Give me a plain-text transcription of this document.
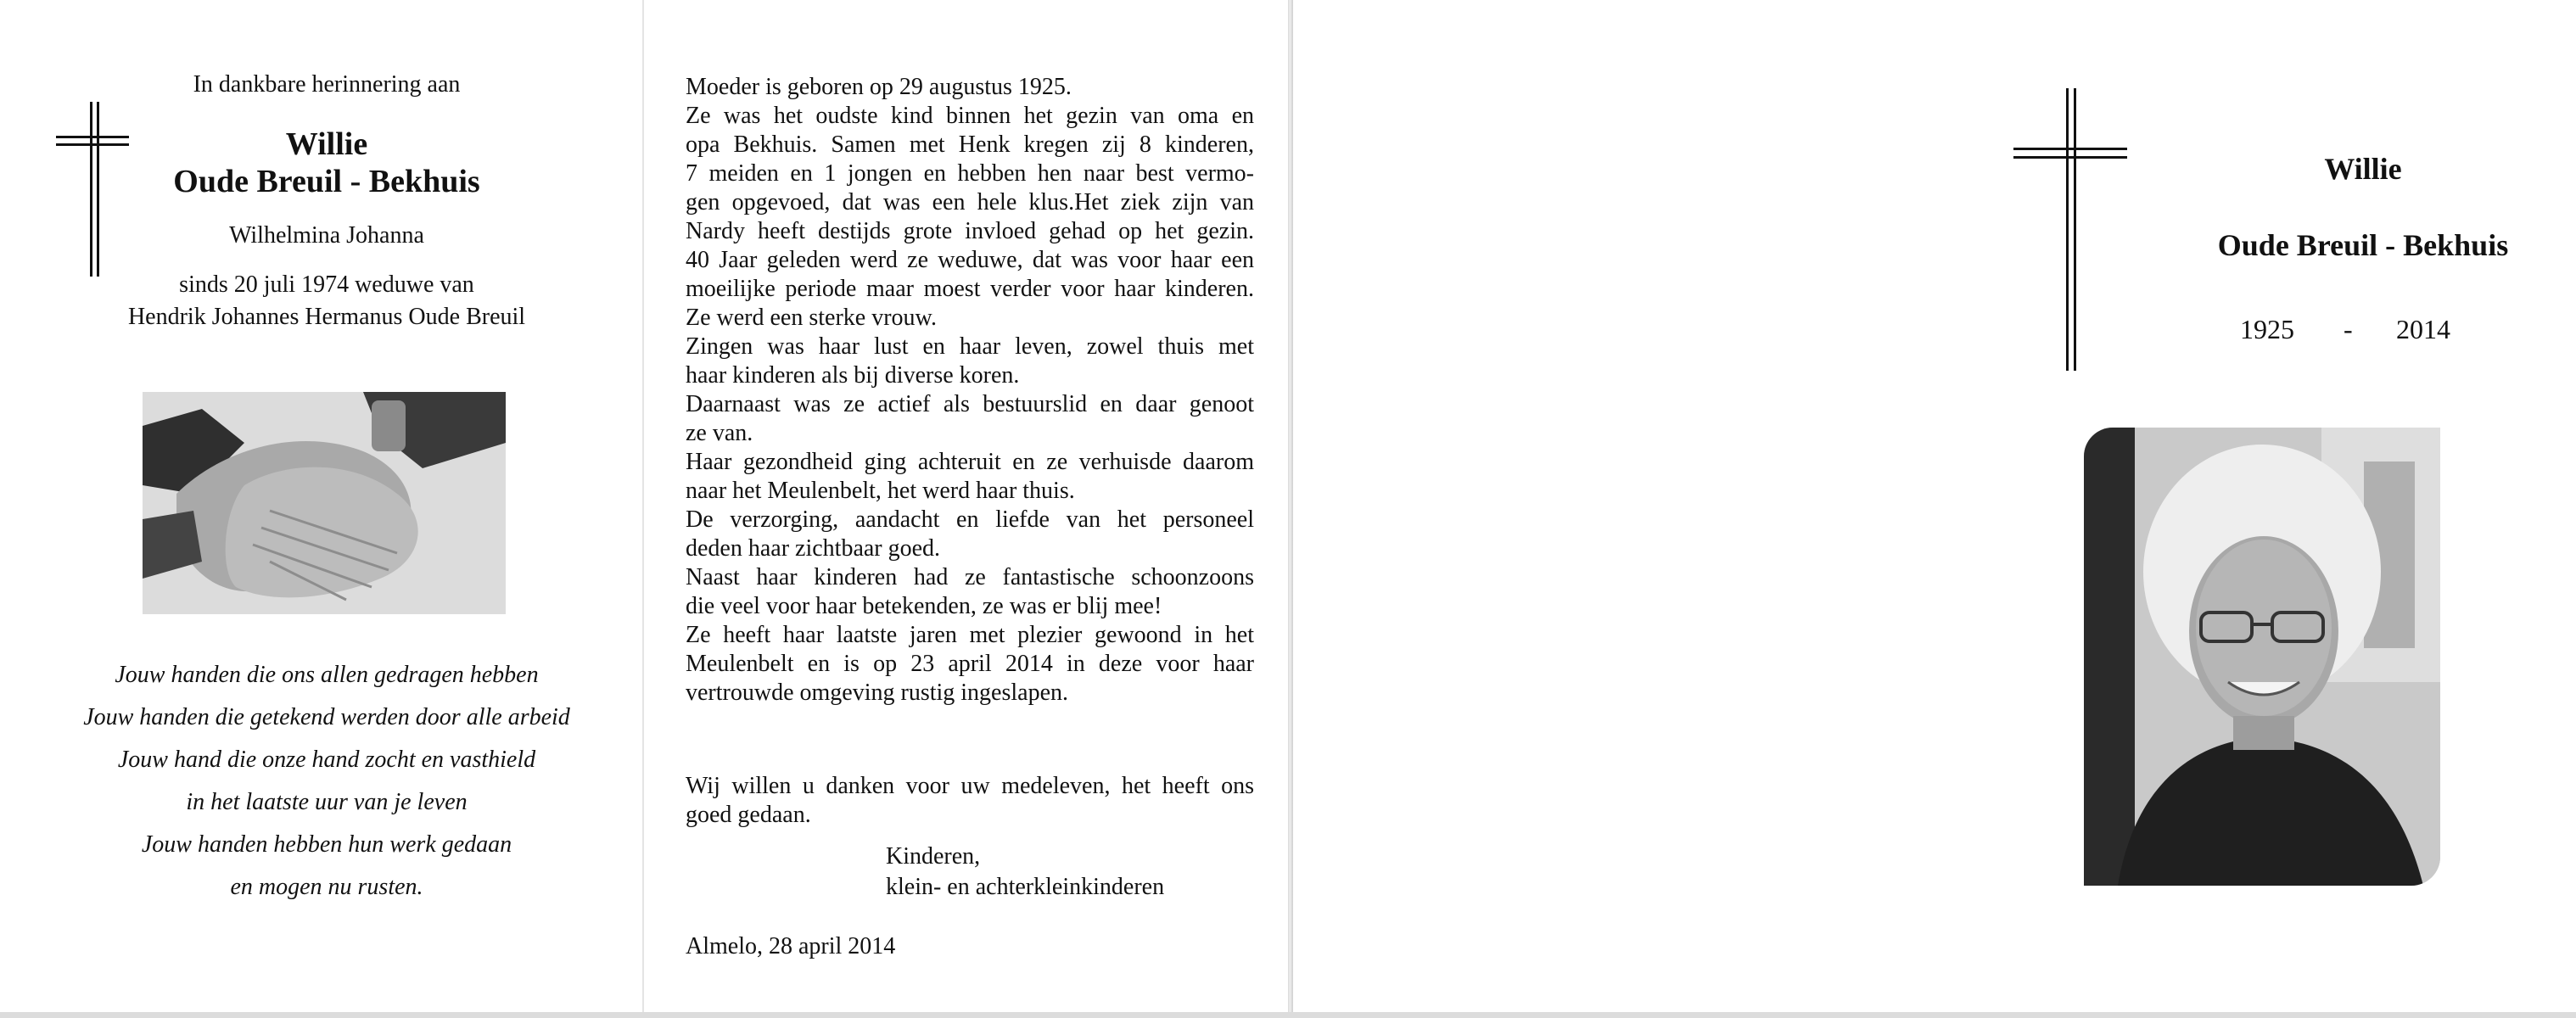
In dankbare herinnering aan
Willie
Oude Breuil - Bekhuis
Wilhelmina Johanna
sinds 20 juli 1974 weduwe van
Hendrik Johannes Hermanus Oude Breuil
Jouw handen die ons allen gedragen hebben
Jouw handen die getekend werden door alle arbeid
Jouw hand die onze hand zocht en vasthield
in het laatste uur van je leven
Jouw handen hebben hun werk gedaan
en mogen nu rusten.
Moeder is geboren op 29 augustus 1925.
Ze was het oudste kind binnen het gezin van oma en
opa Bekhuis. Samen met Henk kregen zij 8 kinderen,
7 meiden en 1 jongen en hebben hen naar best vermo-
gen opgevoed, dat was een hele klus.Het ziek zijn van
Nardy heeft destijds grote invloed gehad op het gezin.
40 Jaar geleden werd ze weduwe, dat was voor haar een
moeilijke periode maar moest verder voor haar kinderen.
Ze werd een sterke vrouw.
Zingen was haar lust en haar leven, zowel thuis met
haar kinderen als bij diverse koren.
Daarnaast was ze actief als bestuurslid en daar genoot
ze van.
Haar gezondheid ging achteruit en ze verhuisde daarom
naar het Meulenbelt, het werd haar thuis.
De verzorging, aandacht en liefde van het personeel
deden haar zichtbaar goed.
Naast haar kinderen had ze fantastische schoonzoons
die veel voor haar betekenden, ze was er blij mee!
Ze heeft haar laatste jaren met plezier gewoond in het
Meulenbelt en is op 23 april 2014 in deze voor haar
vertrouwde omgeving rustig ingeslapen.
Wij willen u danken voor uw medeleven, het heeft ons
goed gedaan.
Kinderen,
klein- en achterkleinkinderen
Almelo, 28 april 2014
Willie
Oude Breuil - Bekhuis
1925 - 2014
